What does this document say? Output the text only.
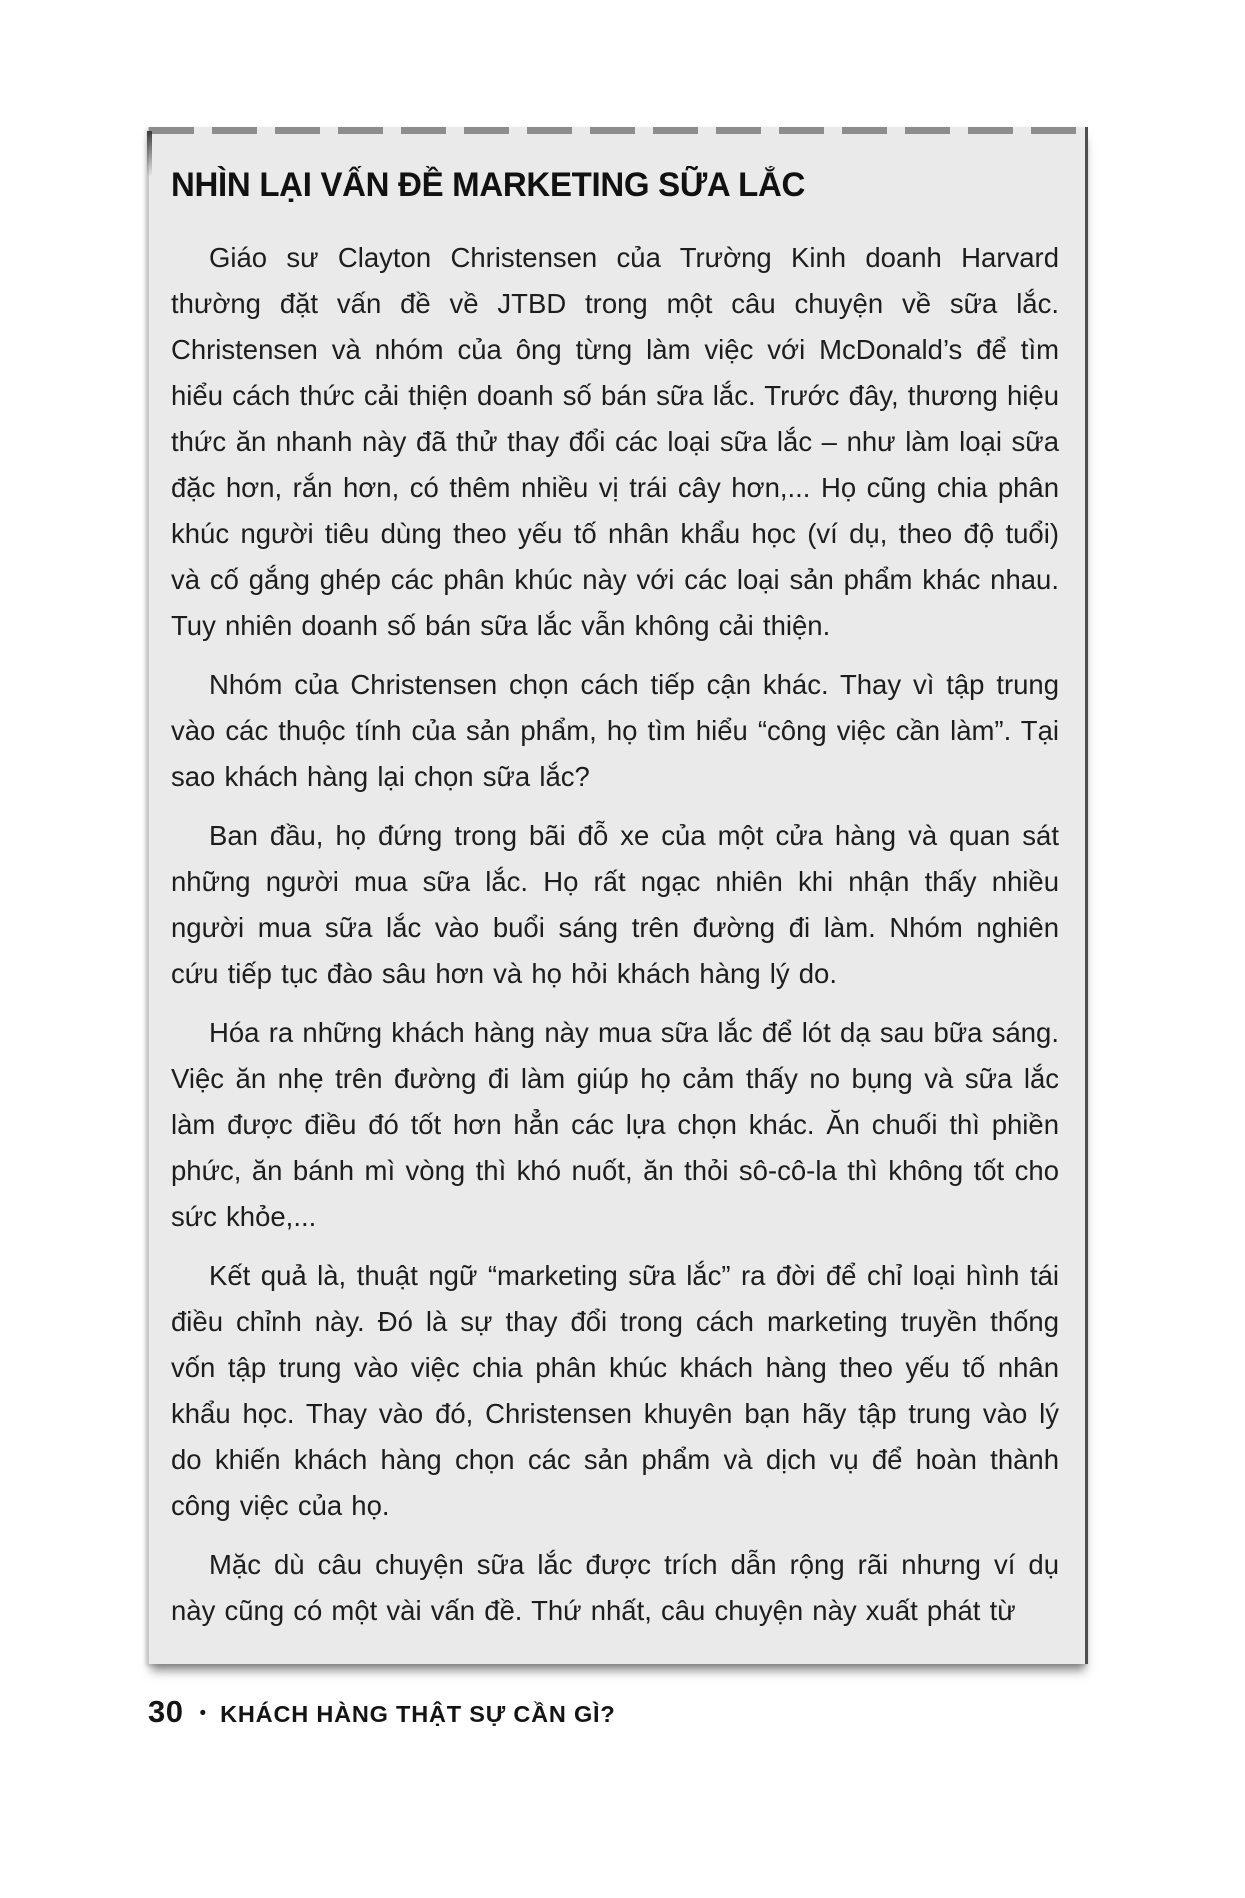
NHÌN LẠI VẤN ĐỀ MARKETING SỮA LẮC

Giáo sư Clayton Christensen của Trường Kinh doanh Harvard thường đặt vấn đề về JTBD trong một câu chuyện về sữa lắc. Christensen và nhóm của ông từng làm việc với McDonald’s để tìm hiểu cách thức cải thiện doanh số bán sữa lắc. Trước đây, thương hiệu thức ăn nhanh này đã thử thay đổi các loại sữa lắc – như làm loại sữa đặc hơn, rắn hơn, có thêm nhiều vị trái cây hơn,... Họ cũng chia phân khúc người tiêu dùng theo yếu tố nhân khẩu học (ví dụ, theo độ tuổi) và cố gắng ghép các phân khúc này với các loại sản phẩm khác nhau. Tuy nhiên doanh số bán sữa lắc vẫn không cải thiện.

Nhóm của Christensen chọn cách tiếp cận khác. Thay vì tập trung vào các thuộc tính của sản phẩm, họ tìm hiểu “công việc cần làm”. Tại sao khách hàng lại chọn sữa lắc?

Ban đầu, họ đứng trong bãi đỗ xe của một cửa hàng và quan sát những người mua sữa lắc. Họ rất ngạc nhiên khi nhận thấy nhiều người mua sữa lắc vào buổi sáng trên đường đi làm. Nhóm nghiên cứu tiếp tục đào sâu hơn và họ hỏi khách hàng lý do.

Hóa ra những khách hàng này mua sữa lắc để lót dạ sau bữa sáng. Việc ăn nhẹ trên đường đi làm giúp họ cảm thấy no bụng và sữa lắc làm được điều đó tốt hơn hẳn các lựa chọn khác. Ăn chuối thì phiền phức, ăn bánh mì vòng thì khó nuốt, ăn thỏi sô-cô-la thì không tốt cho sức khỏe,...

Kết quả là, thuật ngữ “marketing sữa lắc” ra đời để chỉ loại hình tái điều chỉnh này. Đó là sự thay đổi trong cách marketing truyền thống vốn tập trung vào việc chia phân khúc khách hàng theo yếu tố nhân khẩu học. Thay vào đó, Christensen khuyên bạn hãy tập trung vào lý do khiến khách hàng chọn các sản phẩm và dịch vụ để hoàn thành công việc của họ.

Mặc dù câu chuyện sữa lắc được trích dẫn rộng rãi nhưng ví dụ này cũng có một vài vấn đề. Thứ nhất, câu chuyện này xuất phát từ

30 • KHÁCH HÀNG THẬT SỰ CẦN GÌ?
